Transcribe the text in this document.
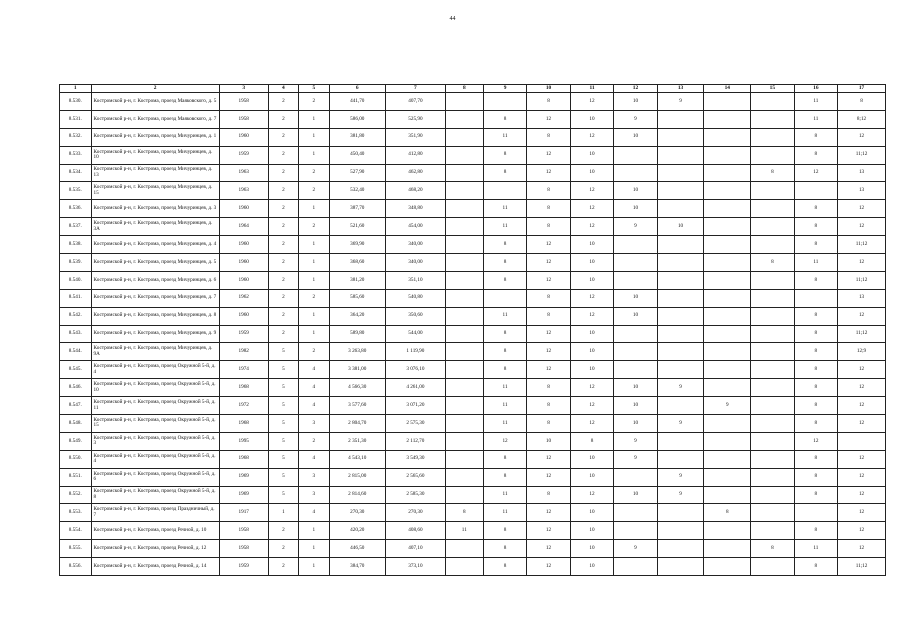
44
1	2	3	4	5	6	7	8	9	10	11	12	13	14	15	16	17
8.530.	Костромской р-н, г. Кострома, проезд Маяковского, д. 5	1958	2	2	441,70	407,70			8	12	10	9			11	8
8.531.	Костромской р-н, г. Кострома, проезд Маяковского, д. 7	1958	2	1	586,00	525,90		8	12	10	9				11	8;12
8.532.	Костромской р-н, г. Кострома, проезд Мичуринцев, д. 1	1960	2	1	381,80	351,90		11	8	12	10				8	12
8.533.	Костромской р-н, г. Кострома, проезд Мичуринцев, д. 10	1959	2	1	450,40	412,80		8	12	10					8	11;12
8.534.	Костромской р-н, г. Кострома, проезд Мичуринцев, д. 13	1963	2	2	527,90	462,80		8	12	10				8	12	13
8.535.	Костромской р-н, г. Кострома, проезд Мичуринцев, д. 15	1963	2	2	532,40	468,20			8	12	10					13
8.536.	Костромской р-н, г. Кострома, проезд Мичуринцев, д. 3	1960	2	1	387,70	348,80		11	8	12	10				8	12
8.537.	Костромской р-н, г. Кострома, проезд Мичуринцев, д. 3А	1964	2	2	521,60	454,00		11	8	12	9	10			8	12
8.538.	Костромской р-н, г. Кострома, проезд Мичуринцев, д. 4	1960	2	1	369,90	340,00		8	12	10					8	11;12
8.539.	Костромской р-н, г. Кострома, проезд Мичуринцев, д. 5	1960	2	1	368,60	340,00		8	12	10				8	11	12
8.540.	Костромской р-н, г. Кострома, проезд Мичуринцев, д. 6	1960	2	1	381,20	351,10		8	12	10					8	11;12
8.541.	Костромской р-н, г. Кострома, проезд Мичуринцев, д. 7	1962	2	2	585,60	540,80			8	12	10					13
8.542.	Костромской р-н, г. Кострома, проезд Мичуринцев, д. 8	1960	2	1	364,20	350,60		11	8	12	10				8	12
8.543.	Костромской р-н, г. Кострома, проезд Мичуринцев, д. 9	1959	2	1	589,80	544,00		8	12	10					8	11;12
8.544.	Костромской р-н, г. Кострома, проезд Мичуринцев, д. 9А	1982	5	2	3 263,80	1 119,90		8	12	10					8	12;9
8.545.	Костромской р-н, г. Кострома, проезд Окружной 5-й, д. 4	1974	5	4	3 381,00	3 076,10		8	12	10					8	12
8.546.	Костромской р-н, г. Кострома, проезд Окружной 5-й, д. 10	1968	5	4	4 566,30	4 261,00		11	8	12	10	9			8	12
8.547.	Костромской р-н, г. Кострома, проезд Окружной 5-й, д. 11	1972	5	4	3 577,60	3 071,20		11	8	12	10		9		8	12
8.548.	Костромской р-н, г. Кострома, проезд Окружной 5-й, д. 15	1968	5	3	2 804,70	2 575,30		11	8	12	10	9			8	12
8.549.	Костромской р-н, г. Кострома, проезд Окружной 5-й, д. 3	1995	5	2	2 351,30	2 112,70		12	10	8	9				12	
8.550.	Костромской р-н, г. Кострома, проезд Окружной 5-й, д. 4	1968	5	4	4 543,10	3 549,30		8	12	10	9				8	12
8.551.	Костромской р-н, г. Кострома, проезд Окружной 5-й, д. 6	1969	5	3	2 815,00	2 565,60		8	12	10		9			8	12
8.552.	Костромской р-н, г. Кострома, проезд Окружной 5-й, д. 8	1969	5	3	2 814,60	2 585,30		11	8	12	10	9			8	12
8.553.	Костромской р-н, г. Кострома, проезд Праздничный, д. 7	1917	1	4	270,30	270,30	8	11	12	10			8			12
8.554.	Костромской р-н, г. Кострома, проезд Речной, д. 10	1958	2	1	420,20	408,60	11	8	12	10					8	12
8.555.	Костромской р-н, г. Кострома, проезд Речной, д. 12	1958	2	1	446,50	407,10		8	12	10	9			8	11	12
8.556.	Костромской р-н, г. Кострома, проезд Речной, д. 14	1959	2	1	384,70	373,10		8	12	10					8	11;12
